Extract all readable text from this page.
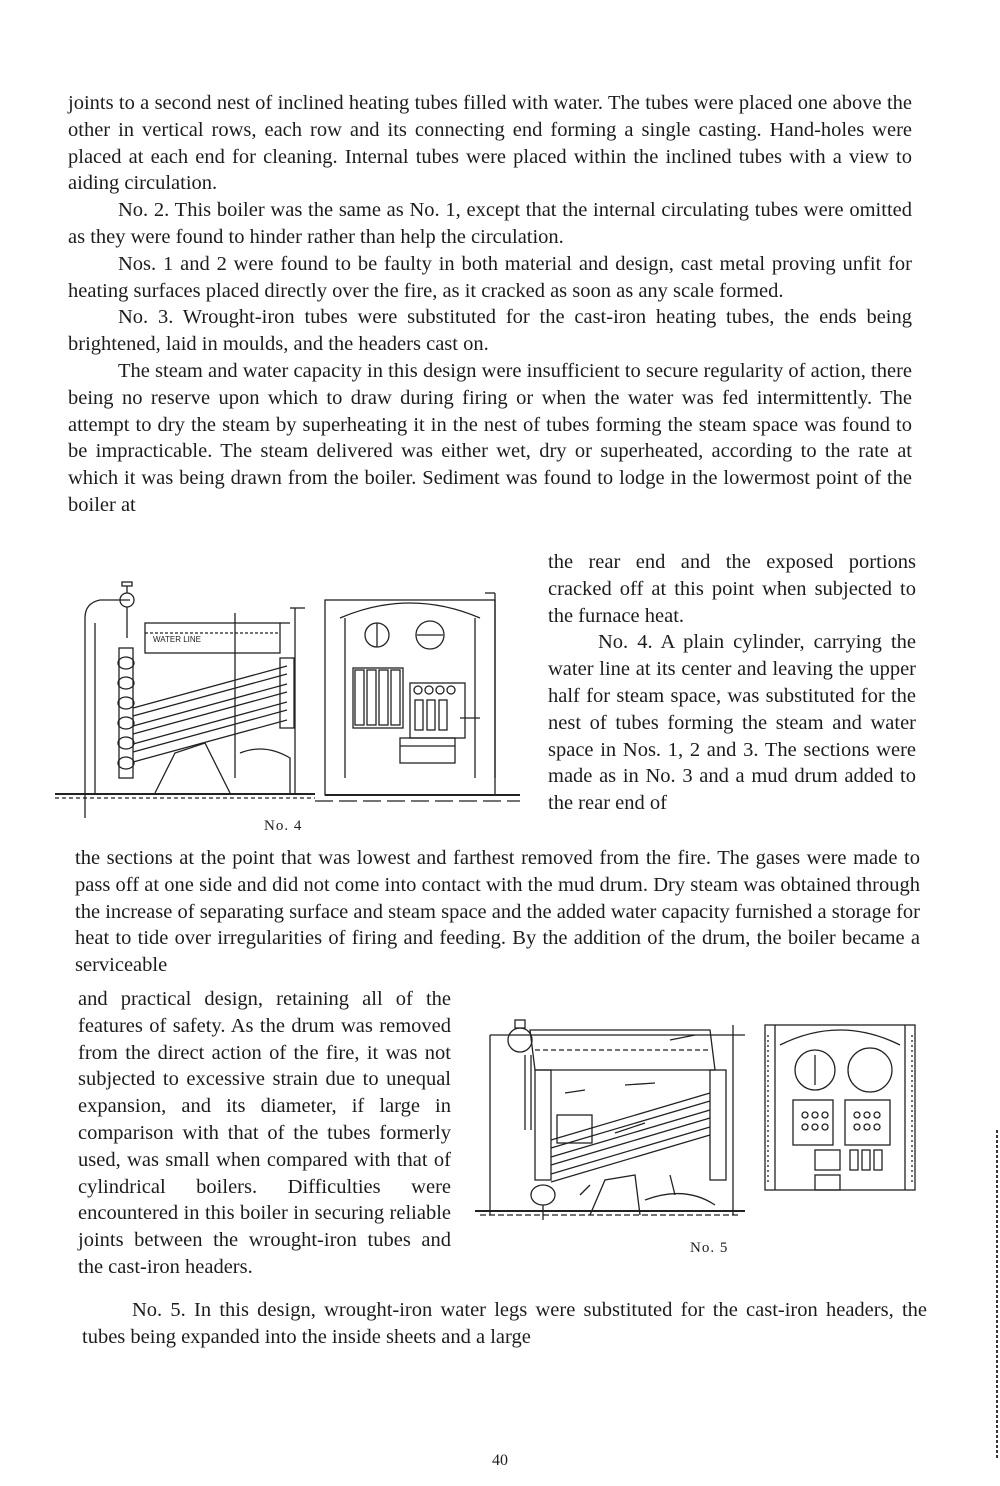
joints to a second nest of inclined heating tubes filled with water. The tubes were placed one above the other in vertical rows, each row and its connecting end forming a single casting. Hand-holes were placed at each end for cleaning. Internal tubes were placed within the inclined tubes with a view to aiding circulation.

No. 2. This boiler was the same as No. 1, except that the internal circulating tubes were omitted as they were found to hinder rather than help the circulation.

Nos. 1 and 2 were found to be faulty in both material and design, cast metal proving unfit for heating surfaces placed directly over the fire, as it cracked as soon as any scale formed.

No. 3. Wrought-iron tubes were substituted for the cast-iron heating tubes, the ends being brightened, laid in moulds, and the headers cast on.

The steam and water capacity in this design were insufficient to secure regularity of action, there being no reserve upon which to draw during firing or when the water was fed intermittently. The attempt to dry the steam by superheating it in the nest of tubes forming the steam space was found to be impracticable. The steam delivered was either wet, dry or superheated, according to the rate at which it was being drawn from the boiler. Sediment was found to lodge in the lowermost point of the boiler at

the rear end and the exposed portions cracked off at this point when subjected to the furnace heat.

No. 4. A plain cylinder, carrying the water line at its center and leaving the upper half for steam space, was substituted for the nest of tubes forming the steam and water space in Nos. 1, 2 and 3. The sections were made as in No. 3 and a mud drum added to the rear end of

WATER LINE
No. 4

the sections at the point that was lowest and farthest removed from the fire. The gases were made to pass off at one side and did not come into contact with the mud drum. Dry steam was obtained through the increase of separating surface and steam space and the added water capacity furnished a storage for heat to tide over irregularities of firing and feeding. By the addition of the drum, the boiler became a serviceable

and practical design, retaining all of the features of safety. As the drum was removed from the direct action of the fire, it was not subjected to excessive strain due to unequal expansion, and its diameter, if large in comparison with that of the tubes formerly used, was small when compared with that of cylindrical boilers. Difficulties were encountered in this boiler in securing reliable joints between the wrought-iron tubes and the cast-iron headers.

No. 5

No. 5. In this design, wrought-iron water legs were substituted for the cast-iron headers, the tubes being expanded into the inside sheets and a large

40
